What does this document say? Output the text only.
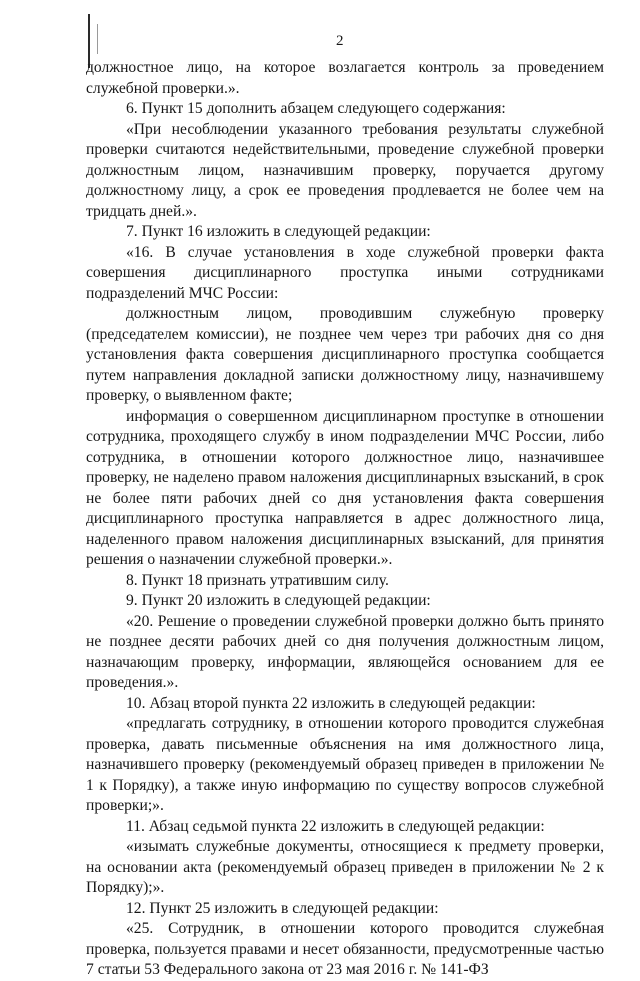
2

должностное лицо, на которое возлагается контроль за проведением служебной проверки.».

6. Пункт 15 дополнить абзацем следующего содержания:

«При несоблюдении указанного требования результаты служебной проверки считаются недействительными, проведение служебной проверки должностным лицом, назначившим проверку, поручается другому должностному лицу, а срок ее проведения продлевается не более чем на тридцать дней.».

7. Пункт 16 изложить в следующей редакции:

«16. В случае установления в ходе служебной проверки факта совершения дисциплинарного проступка иными сотрудниками подразделений МЧС России:

должностным лицом, проводившим служебную проверку (председателем комиссии), не позднее чем через три рабочих дня со дня установления факта совершения дисциплинарного проступка сообщается путем направления докладной записки должностному лицу, назначившему проверку, о выявленном факте;

информация о совершенном дисциплинарном проступке в отношении сотрудника, проходящего службу в ином подразделении МЧС России, либо сотрудника, в отношении которого должностное лицо, назначившее проверку, не наделено правом наложения дисциплинарных взысканий, в срок не более пяти рабочих дней со дня установления факта совершения дисциплинарного проступка направляется в адрес должностного лица, наделенного правом наложения дисциплинарных взысканий, для принятия решения о назначении служебной проверки.».

8. Пункт 18 признать утратившим силу.

9. Пункт 20 изложить в следующей редакции:

«20. Решение о проведении служебной проверки должно быть принято не позднее десяти рабочих дней со дня получения должностным лицом, назначающим проверку, информации, являющейся основанием для ее проведения.».

10. Абзац второй пункта 22 изложить в следующей редакции:

«предлагать сотруднику, в отношении которого проводится служебная проверка, давать письменные объяснения на имя должностного лица, назначившего проверку (рекомендуемый образец приведен в приложении № 1 к Порядку), а также иную информацию по существу вопросов служебной проверки;».

11. Абзац седьмой пункта 22 изложить в следующей редакции:

«изымать служебные документы, относящиеся к предмету проверки, на основании акта (рекомендуемый образец приведен в приложении № 2 к Порядку);».

12. Пункт 25 изложить в следующей редакции:

«25. Сотрудник, в отношении которого проводится служебная проверка, пользуется правами и несет обязанности, предусмотренные частью 7 статьи 53 Федерального закона от 23 мая 2016 г. № 141-ФЗ
